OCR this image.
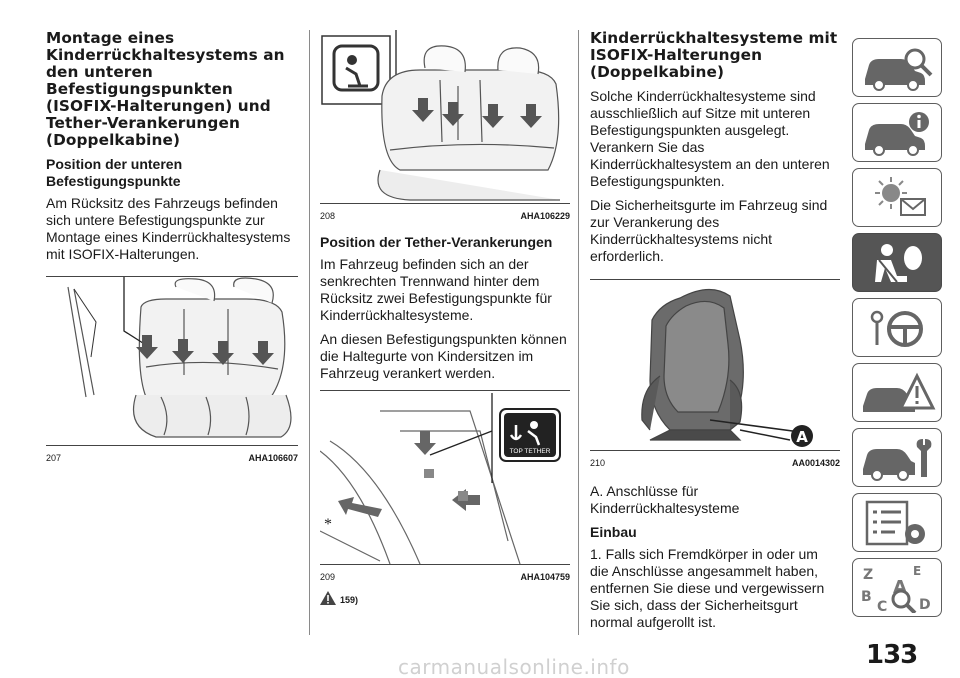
Montage eines Kinderrückhaltesystems an den unteren Befestigungspunkten (ISOFIX-Halterungen) und Tether-Verankerungen (Doppelkabine)
Position der unteren Befestigungspunkte
Am Rücksitz des Fahrzeugs befinden sich untere Befestigungspunkte zur Montage eines Kinderrückhaltesystems mit ISOFIX-Halterungen.
207	AHA106607
208	AHA106229
Position der Tether-Verankerungen
Im Fahrzeug befinden sich an der senkrechten Trennwand hinter dem Rücksitz zwei Befestigungspunkte für Kinderrückhaltesysteme.
An diesen Befestigungspunkten können die Haltegurte von Kindersitzen im Fahrzeug verankert werden.
TOP TETHER
*
209	AHA104759
159)
Kinderrückhaltesysteme mit ISOFIX-Halterungen (Doppelkabine)
Solche Kinderrückhaltesysteme sind ausschließlich auf Sitze mit unteren Befestigungspunkten ausgelegt. Verankern Sie das Kinderrückhaltesystem an den unteren Befestigungspunkten.
Die Sicherheitsgurte im Fahrzeug sind zur Verankerung des Kinderrückhaltesystems nicht erforderlich.
A
210	AA0014302
A. Anschlüsse für Kinderrückhaltesysteme
Einbau
1. Falls sich Fremdkörper in oder um die Anschlüsse angesammelt haben, entfernen Sie diese und vergewissern Sie sich, dass der Sicherheitsgurt normal aufgerollt ist.
Z	E
A
B
C D
133
carmanualsonline.info
